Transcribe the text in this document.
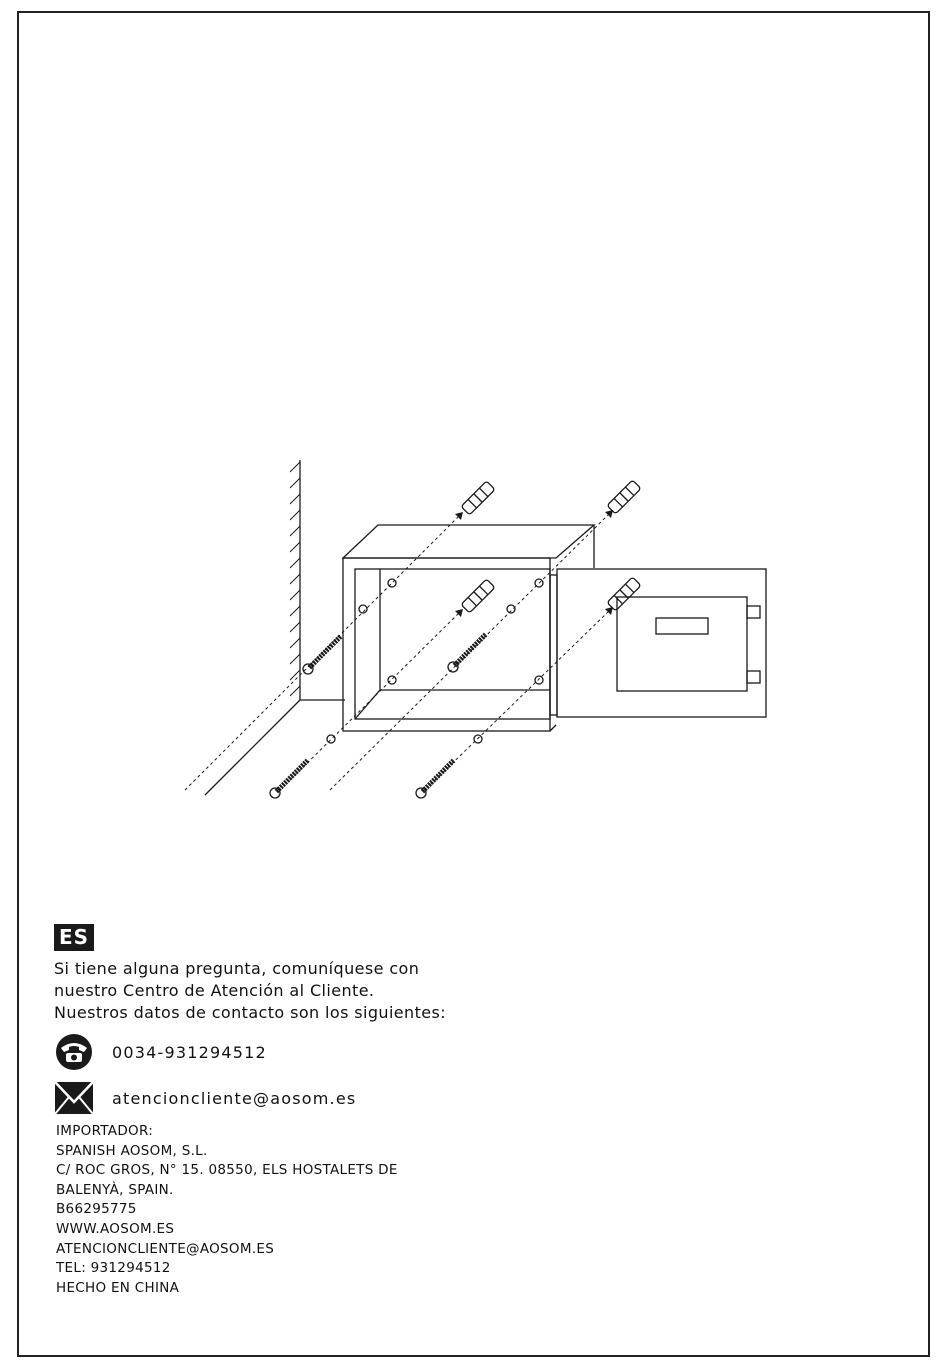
ES
Si tiene alguna pregunta, comuníquese con
nuestro Centro de Atención al Cliente.
Nuestros datos de contacto son los siguientes:
0034-931294512
atencioncliente@aosom.es
IMPORTADOR:
SPANISH AOSOM, S.L.
C/ ROC GROS, N° 15. 08550, ELS HOSTALETS DE
BALENYÀ, SPAIN.
B66295775
WWW.AOSOM.ES
ATENCIONCLIENTE@AOSOM.ES
TEL: 931294512
HECHO EN CHINA
